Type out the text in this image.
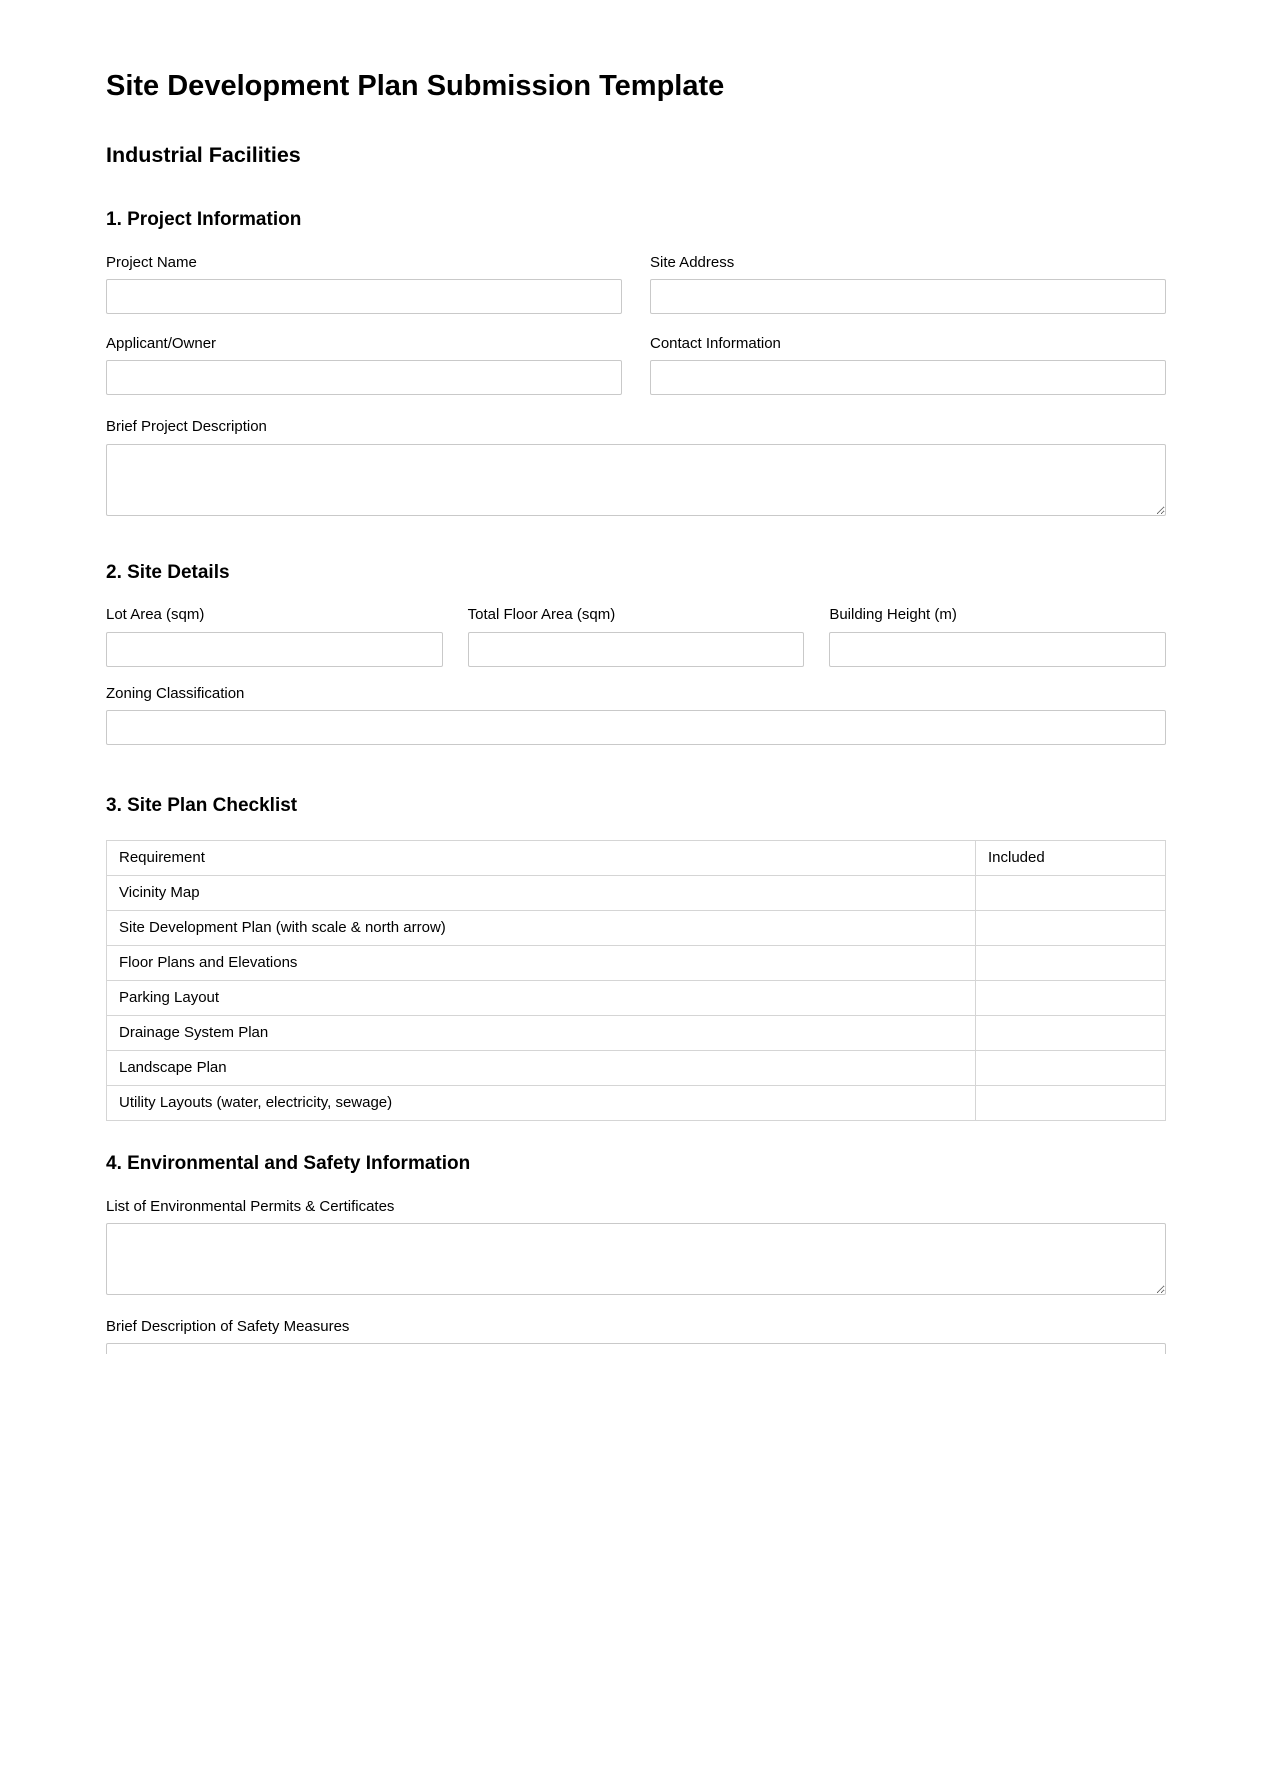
Site Development Plan Submission Template
Industrial Facilities
1. Project Information
Project Name	Site Address
Applicant/Owner	Contact Information
Brief Project Description
2. Site Details
Lot Area (sqm)	Total Floor Area (sqm)	Building Height (m)
Zoning Classification
3. Site Plan Checklist
Requirement	Included
Vicinity Map	
Site Development Plan (with scale & north arrow)	
Floor Plans and Elevations	
Parking Layout	
Drainage System Plan	
Landscape Plan	
Utility Layouts (water, electricity, sewage)	
4. Environmental and Safety Information
List of Environmental Permits & Certificates
Brief Description of Safety Measures
